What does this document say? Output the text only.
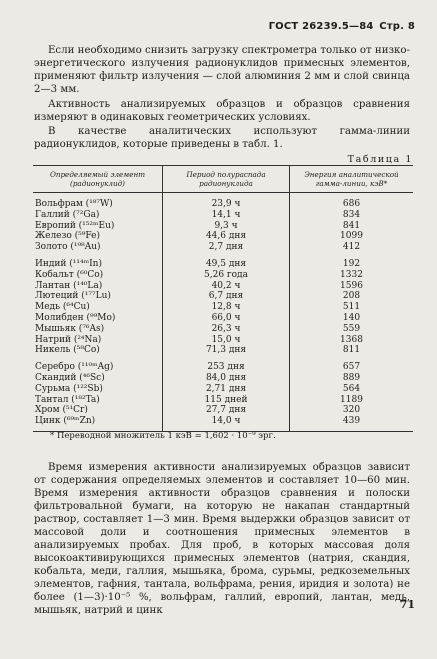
ГОСТ 26239.5—84 Стр. 8

Если необходимо снизить загрузку спектрометра только от низко-энергетического излучения радионуклидов примесных элементов, применяют фильтр излучения — слой алюминия 2 мм и слой свинца 2—3 мм.

Активность анализируемых образцов и образцов сравнения измеряют в одинаковых геометрических условиях.

В качестве аналитических используют гамма-линии радионуклидов, которые приведены в табл. 1.

Таблица 1
Определяемый элемент (радионуклид)	Период полураспада радионуклида	Энергия аналитической гамма-линии, кэВ*

Вольфрам (¹⁸⁷W)	23,9 ч	686
Галлий (⁷²Ga)	14,1 ч	834
Европий (¹⁵²ᵐEu)	9,3 ч	841
Железо (⁵⁹Fe)	44,6 дня	1099
Золото (¹⁹⁸Au)	2,7 дня	412

Индий (¹¹⁴ᵐIn)	49,5 дня	192
Кобальт (⁶⁰Co)	5,26 года	1332
Лантан (¹⁴⁰La)	40,2 ч	1596
Лютеций (¹⁷⁷Lu)	6,7 дня	208
Медь (⁶⁴Cu)	12,8 ч	511
Молибден (⁹⁹Mo)	66,0 ч	140
Мышьяк (⁷⁶As)	26,3 ч	559
Натрий (²⁴Na)	15,0 ч	1368
Никель (⁵⁸Co)	71,3 дня	811

Серебро (¹¹⁰ᵐAg)	253 дня	657
Скандий (⁴⁶Sc)	84,0 дня	889
Сурьма (¹²²Sb)	2,71 дня	564
Тантал (¹⁸²Ta)	115 дней	1189
Хром (⁵¹Cr)	27,7 дня	320
Цинк (⁶⁹ᵐZn)	14,0 ч	439
* Переводной множитель 1 кэВ = 1,602 · 10⁻⁹ эрг.

Время измерения активности анализируемых образцов зависит от содержания определяемых элементов и составляет 10—60 мин. Время измерения активности образцов сравнения и полоски фильтровальной бумаги, на которую не накапан стандартный раствор, составляет 1—3 мин. Время выдержки образцов зависит от массовой доли и соотношения примесных элементов в анализируемых пробах. Для проб, в которых массовая доля высокоактивирующихся примесных элементов (натрия, скандия, кобальта, меди, галлия, мышьяка, брома, сурьмы, редкоземельных элементов, гафния, тантала, вольфрама, рения, иридия и золота) не более (1—3)·10⁻⁵ %, вольфрам, галлий, европий, лантан, медь, мышьяк, натрий и цинк	71
